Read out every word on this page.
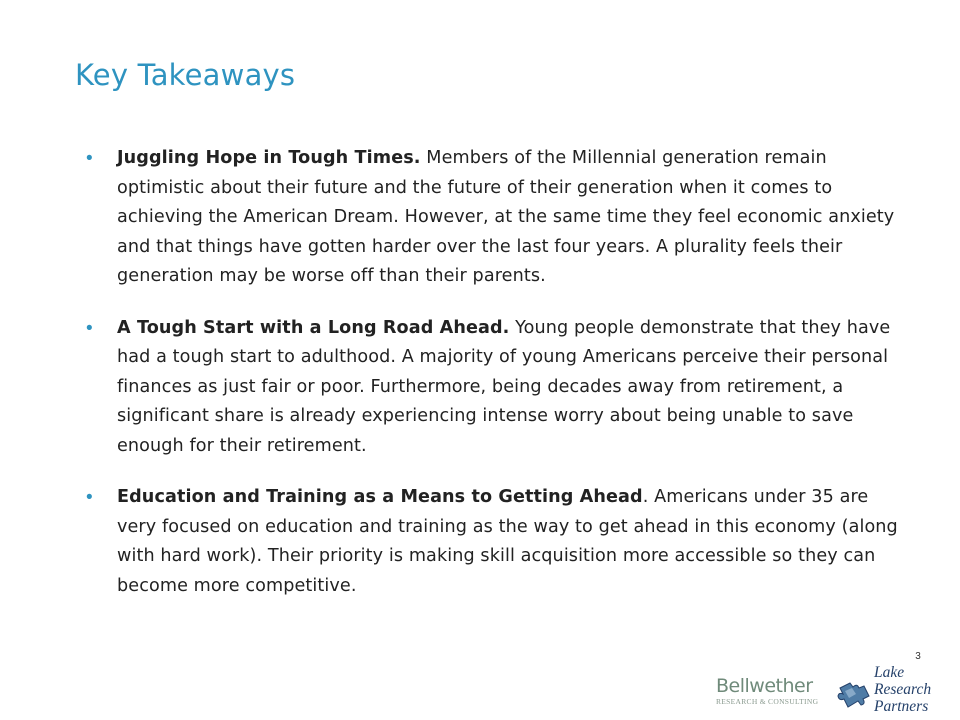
Key Takeaways
• Juggling Hope in Tough Times. Members of the Millennial generation remain optimistic about their future and the future of their generation when it comes to achieving the American Dream. However, at the same time they feel economic anxiety and that things have gotten harder over the last four years. A plurality feels their generation may be worse off than their parents.
• A Tough Start with a Long Road Ahead. Young people demonstrate that they have had a tough start to adulthood. A majority of young Americans perceive their personal finances as just fair or poor. Furthermore, being decades away from retirement, a significant share is already experiencing intense worry about being unable to save enough for their retirement.
• Education and Training as a Means to Getting Ahead. Americans under 35 are very focused on education and training as the way to get ahead in this economy (along with hard work). Their priority is making skill acquisition more accessible so they can become more competitive.
3
Bellwether
RESEARCH & CONSULTING
Lake
Research
Partners
